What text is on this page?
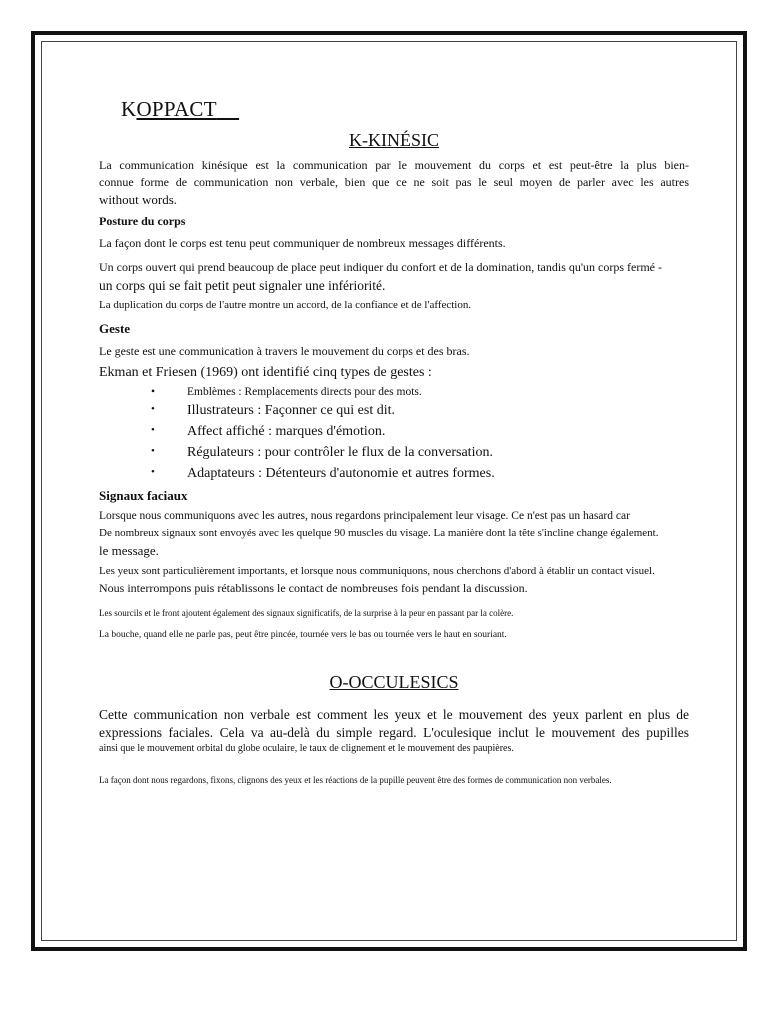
KOPPACT
K-KINÉSIC

La communication kinésique est la communication par le mouvement du corps et est peut-être la plus bien-

connue forme de communication non verbale, bien que ce ne soit pas le seul moyen de parler avec les autres

without words.

Posture du corps

La façon dont le corps est tenu peut communiquer de nombreux messages différents.

Un corps ouvert qui prend beaucoup de place peut indiquer du confort et de la domination, tandis qu'un corps fermé -

un corps qui se fait petit peut signaler une infériorité.

La duplication du corps de l'autre montre un accord, de la confiance et de l'affection.

Geste

Le geste est une communication à travers le mouvement du corps et des bras.

Ekman et Friesen (1969) ont identifié cinq types de gestes :

•	Emblèmes : Remplacements directs pour des mots.
• Illustrateurs : Façonner ce qui est dit.
• Affect affiché : marques d'émotion.
• Régulateurs : pour contrôler le flux de la conversation.
• Adaptateurs : Détenteurs d'autonomie et autres formes.

Signaux faciaux

Lorsque nous communiquons avec les autres, nous regardons principalement leur visage. Ce n'est pas un hasard car

De nombreux signaux sont envoyés avec les quelque 90 muscles du visage. La manière dont la tête s'incline change également.

le message.

Les yeux sont particulièrement importants, et lorsque nous communiquons, nous cherchons d'abord à établir un contact visuel.

Nous interrompons puis rétablissons le contact de nombreuses fois pendant la discussion.

Les sourcils et le front ajoutent également des signaux significatifs, de la surprise à la peur en passant par la colère.

La bouche, quand elle ne parle pas, peut être pincée, tournée vers le bas ou tournée vers le haut en souriant.

O-OCCULESICS

Cette communication non verbale est comment les yeux et le mouvement des yeux parlent en plus de

expressions faciales. Cela va au-delà du simple regard. L'oculesique inclut le mouvement des pupilles

ainsi que le mouvement orbital du globe oculaire, le taux de clignement et le mouvement des paupières.

La façon dont nous regardons, fixons, clignons des yeux et les réactions de la pupille peuvent être des formes de communication non verbales.
